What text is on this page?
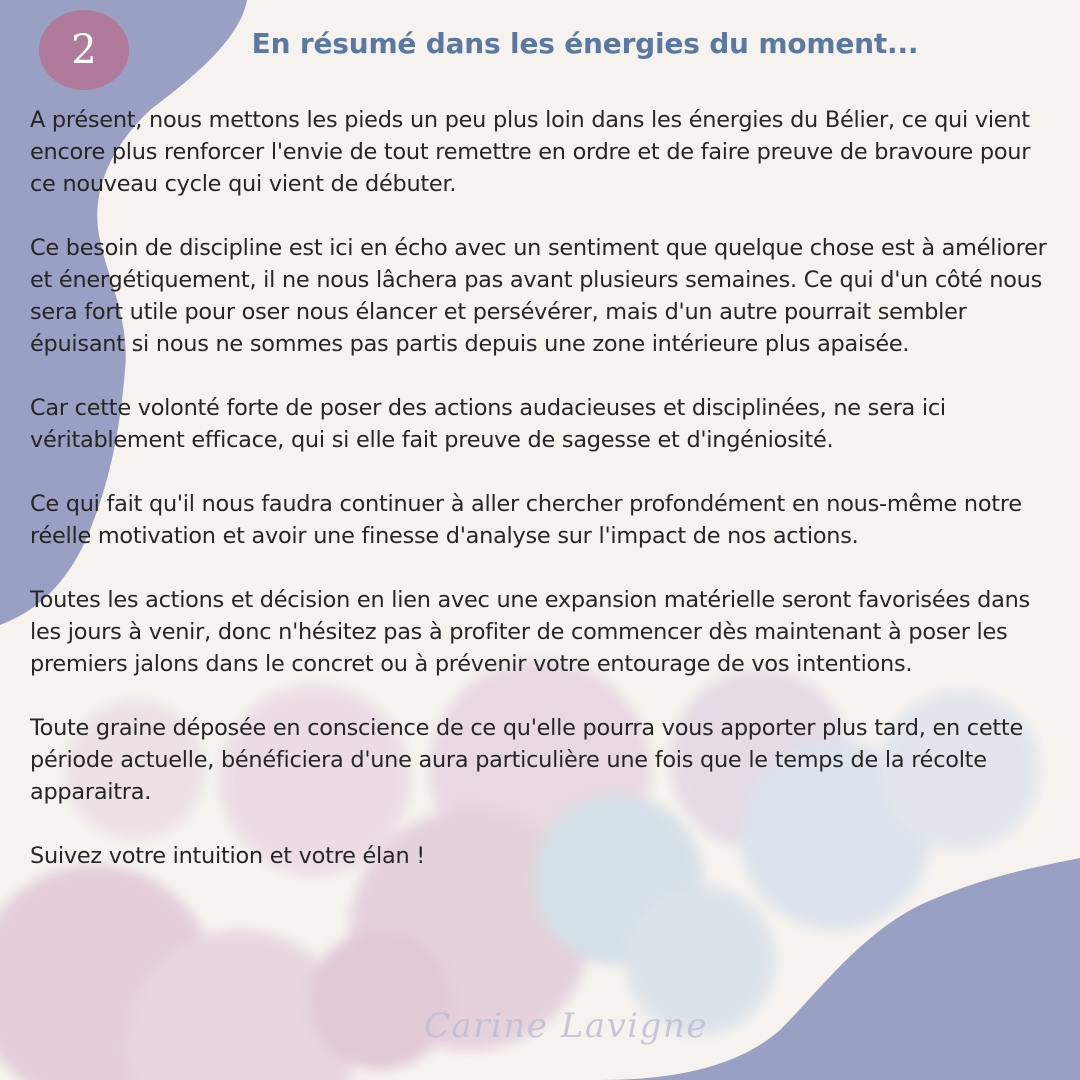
2	En résumé dans les énergies du moment...

A présent, nous mettons les pieds un peu plus loin dans les énergies du Bélier, ce qui vient encore plus renforcer l'envie de tout remettre en ordre et de faire preuve de bravoure pour ce nouveau cycle qui vient de débuter.

Ce besoin de discipline est ici en écho avec un sentiment que quelque chose est à améliorer et énergétiquement, il ne nous lâchera pas avant plusieurs semaines. Ce qui d'un côté nous sera fort utile pour oser nous élancer et persévérer, mais d'un autre pourrait sembler épuisant si nous ne sommes pas partis depuis une zone intérieure plus apaisée.

Car cette volonté forte de poser des actions audacieuses et disciplinées, ne sera ici véritablement efficace, qui si elle fait preuve de sagesse et d'ingéniosité.

Ce qui fait qu'il nous faudra continuer à aller chercher profondément en nous-même notre réelle motivation et avoir une finesse d'analyse sur l'impact de nos actions.

Toutes les actions et décision en lien avec une expansion matérielle seront favorisées dans les jours à venir, donc n'hésitez pas à profiter de commencer dès maintenant à poser les premiers jalons dans le concret ou à prévenir votre entourage de vos intentions.

Toute graine déposée en conscience de ce qu'elle pourra vous apporter plus tard, en cette période actuelle, bénéficiera d'une aura particulière une fois que le temps de la récolte apparaitra.

Suivez votre intuition et votre élan !

Carine Lavigne
